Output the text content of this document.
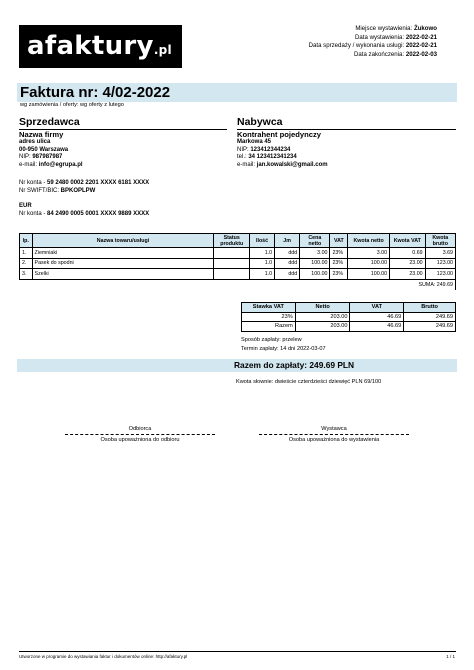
afaktury.pl
Miejsce wystawienia: Żukowo
Data wystawienia: 2022-02-21
Data sprzedaży / wykonania usługi: 2022-02-21
Data zakończenia: 2022-02-03
Faktura nr: 4/02-2022
wg zamówienia / oferty: wg oferty z lutego
Sprzedawca
Nazwa firmy
adres ulica
00-950 Warszawa
NIP: 987987987
e-mail: info@egrupa.pl
Nr konta - 59 2480 0002 2201 XXXX 6181 XXXX
Nr SWIFT/BIC: BPKOPLPW
EUR
Nr konta - 84 2490 0005 0001 XXXX 9889 XXXX
Nabywca
Kontrahent pojedynczy
Markowa 45
NIP: 123412344234
tel.: 34 123412341234
e-mail: jan.kowalski@gmail.com
lp.	Nazwa towaru/usługi	Status produktu	Ilość	Jm	Cena netto	VAT	Kwota netto	Kwota VAT	Kwota brutto
1.	Ziemniaki		1.0	ddd	3.00	23%	3.00	0.69	3.69
2.	Pasek do spodni		1.0	ddd	100.00	23%	100.00	23.00	123.00
3.	Szelki		1.0	ddd	100.00	23%	100.00	23.00	123.00
SUMA: 249.69									
Stawka VAT	Netto	VAT	Brutto
23%	203.00	46.69	249.69
Razem	203.00	46.69	249.69
Sposób zapłaty: przelew
Termin zapłaty: 14 dni 2022-03-07
Razem do zapłaty: 249.69 PLN
Kwota słownie: dwieście czterdzieści dziewięć PLN 69/100
Odbiorca
Osoba upoważniona do odbioru
Wystawca
Osoba upoważniona do wystawienia
Utworzone w programie do wystawiania faktur i dokumentów online: http://afaktury.pl	1 / 1
